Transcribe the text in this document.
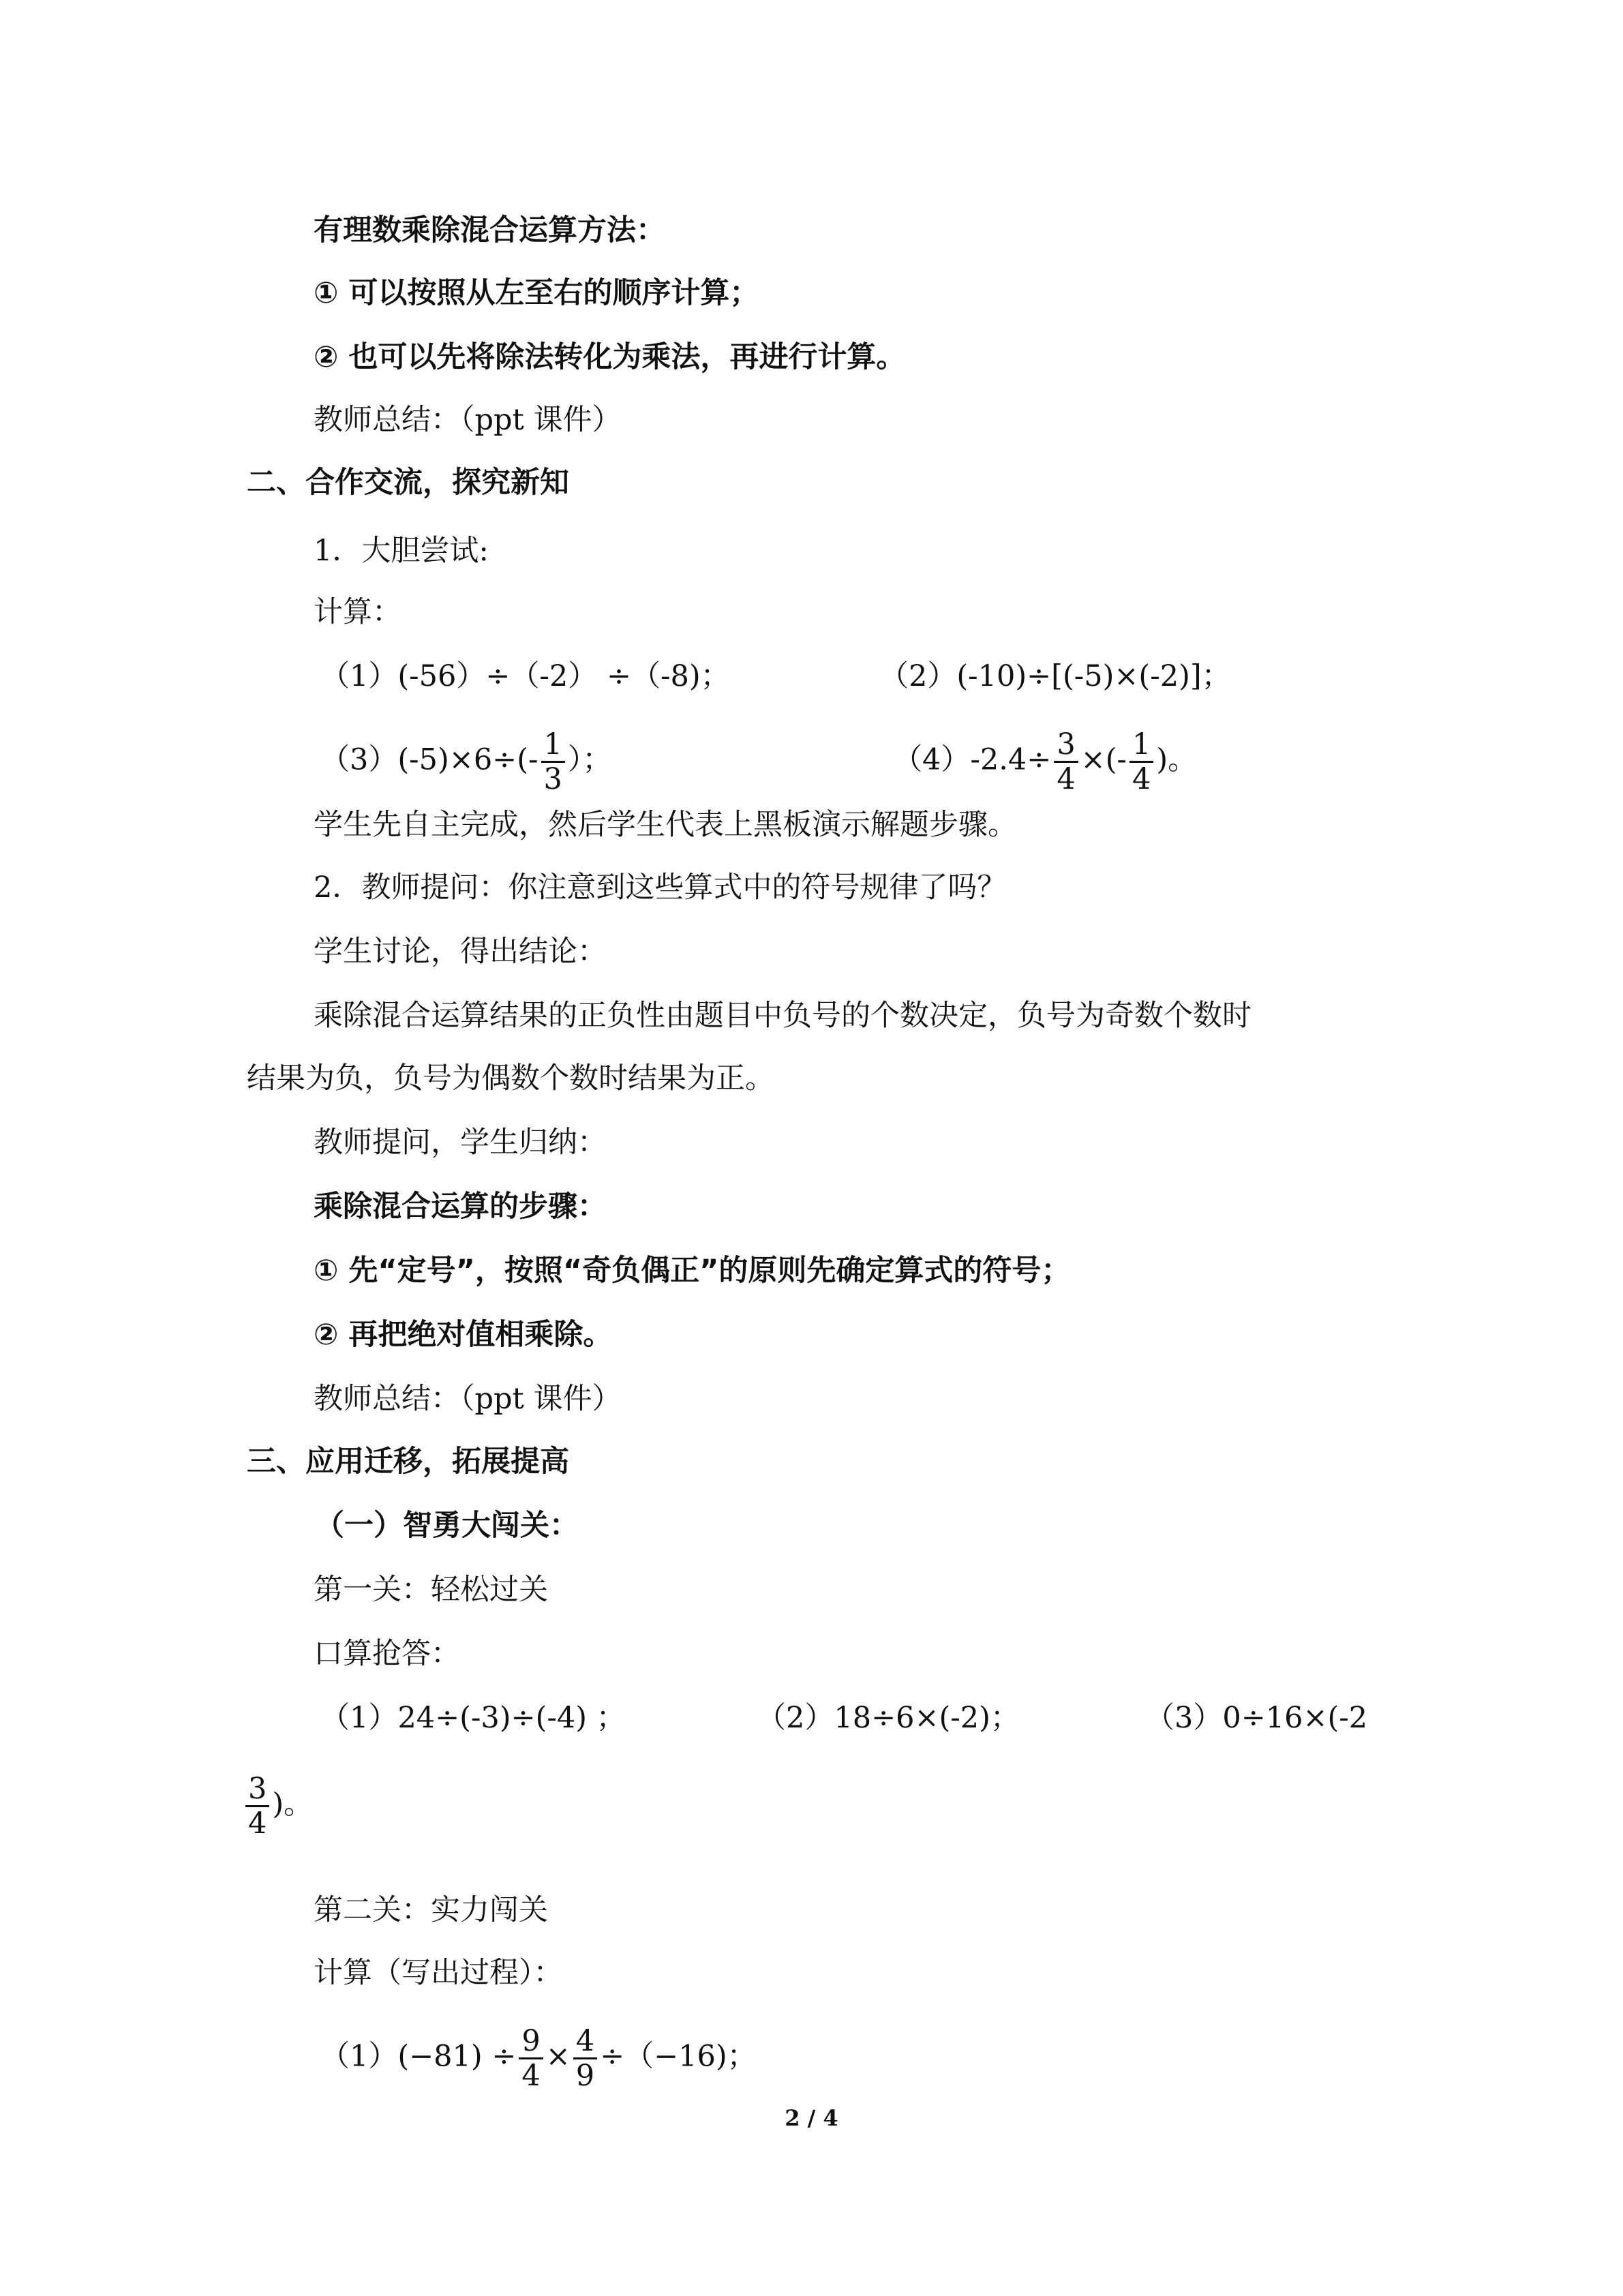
有理数乘除混合运算方法：
① 可以按照从左至右的顺序计算；
② 也可以先将除法转化为乘法，再进行计算。
教师总结：（ppt 课件）
二、合作交流，探究新知
1．大胆尝试:
计算：
（1）(-56）÷（-2） ÷（-8)；	（2）(-10)÷[(-5)×(-2)]；
$(3)(-5)\times 6\div(- \frac{1}{3}$ ）；	$(4)-2.4\div \frac{3}{4}$ ×(- $\frac{1}{4}$ )。
学生先自主完成，然后学生代表上黑板演示解题步骤。
2．教师提问：你注意到这些算式中的符号规律了吗？
学生讨论，得出结论：
乘除混合运算结果的正负性由题目中负号的个数决定，负号为奇数个数时
结果为负，负号为偶数个数时结果为正。
教师提问，学生归纳：
乘除混合运算的步骤：
① 先“定号”，按照“奇负偶正”的原则先确定算式的符号；
② 再把绝对值相乘除。
教师总结：（ppt 课件）
三、应用迁移，拓展提高
（一）智勇大闯关：
第一关：轻松过关
口算抢答：
（1）24÷(-3)÷(-4) ；	（2）18÷6×(-2)；	（3）0÷16×(-2
$\frac{3}{4}$ )。
第二关：实力闯关
计算（写出过程）：
$(1)(-81) \div \frac{9}{4} \times \frac{4}{9} \div(-16)$；
2 / 4
